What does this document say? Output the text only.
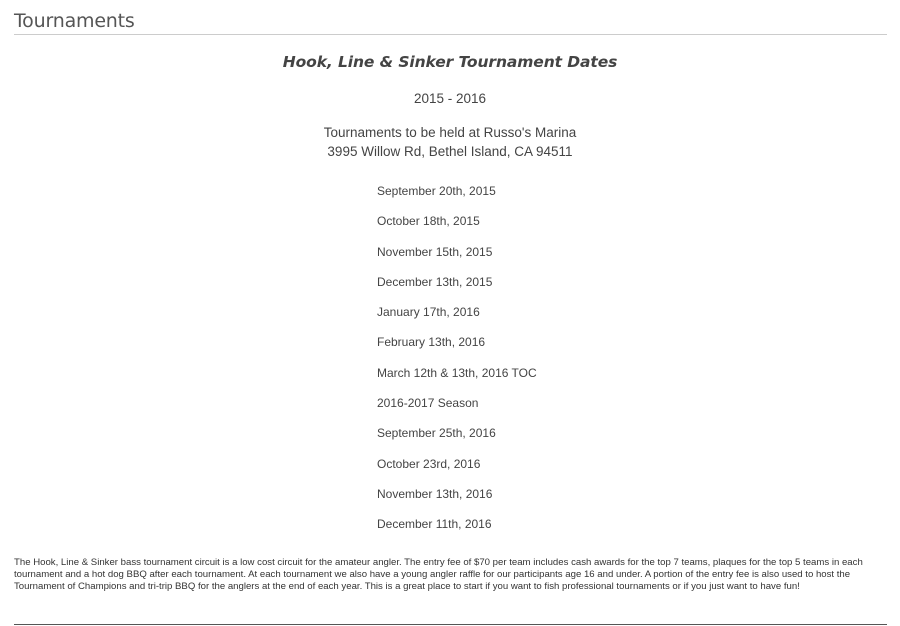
Tournaments
Hook, Line & Sinker Tournament Dates
2015 - 2016
Tournaments to be held at Russo's Marina
3995 Willow Rd, Bethel Island, CA 94511
September 20th, 2015
October 18th, 2015
November 15th, 2015
December 13th, 2015
January 17th, 2016
February 13th, 2016
March 12th & 13th, 2016 TOC
2016-2017 Season
September 25th, 2016
October 23rd, 2016
November 13th, 2016
December 11th, 2016

The Hook, Line & Sinker bass tournament circuit is a low cost circuit for the amateur angler. The entry fee of $70 per team includes cash awards for the top 7 teams, plaques for the top 5 teams in each tournament and a hot dog BBQ after each tournament. At each tournament we also have a young angler raffle for our participants age 16 and under. A portion of the entry fee is also used to host the Tournament of Champions and tri-trip BBQ for the anglers at the end of each year. This is a great place to start if you want to fish professional tournaments or if you just want to have fun!
